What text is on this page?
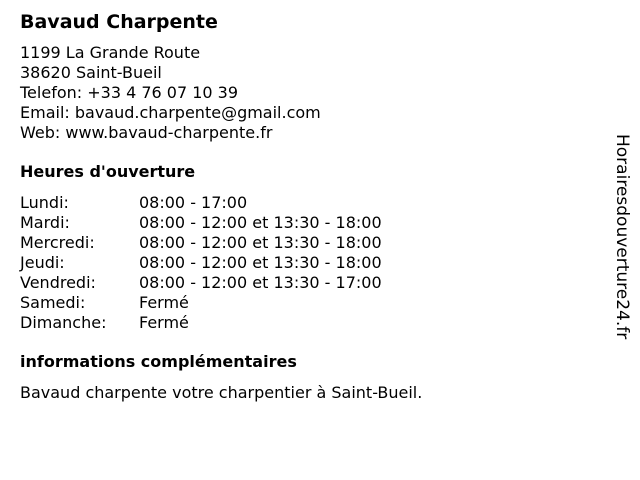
Bavaud Charpente
1199 La Grande Route
38620 Saint-Bueil
Telefon: +33 4 76 07 10 39
Email: bavaud.charpente@gmail.com
Web: www.bavaud-charpente.fr
Heures d'ouverture
Lundi:	08:00 - 17:00
Mardi:	08:00 - 12:00 et 13:30 - 18:00
Mercredi:	08:00 - 12:00 et 13:30 - 18:00
Jeudi:	08:00 - 12:00 et 13:30 - 18:00
Vendredi:	08:00 - 12:00 et 13:30 - 17:00
Samedi:	Fermé
Dimanche:	Fermé
informations complémentaires
Bavaud charpente votre charpentier à Saint-Bueil.
Horairesdouverture24.fr
